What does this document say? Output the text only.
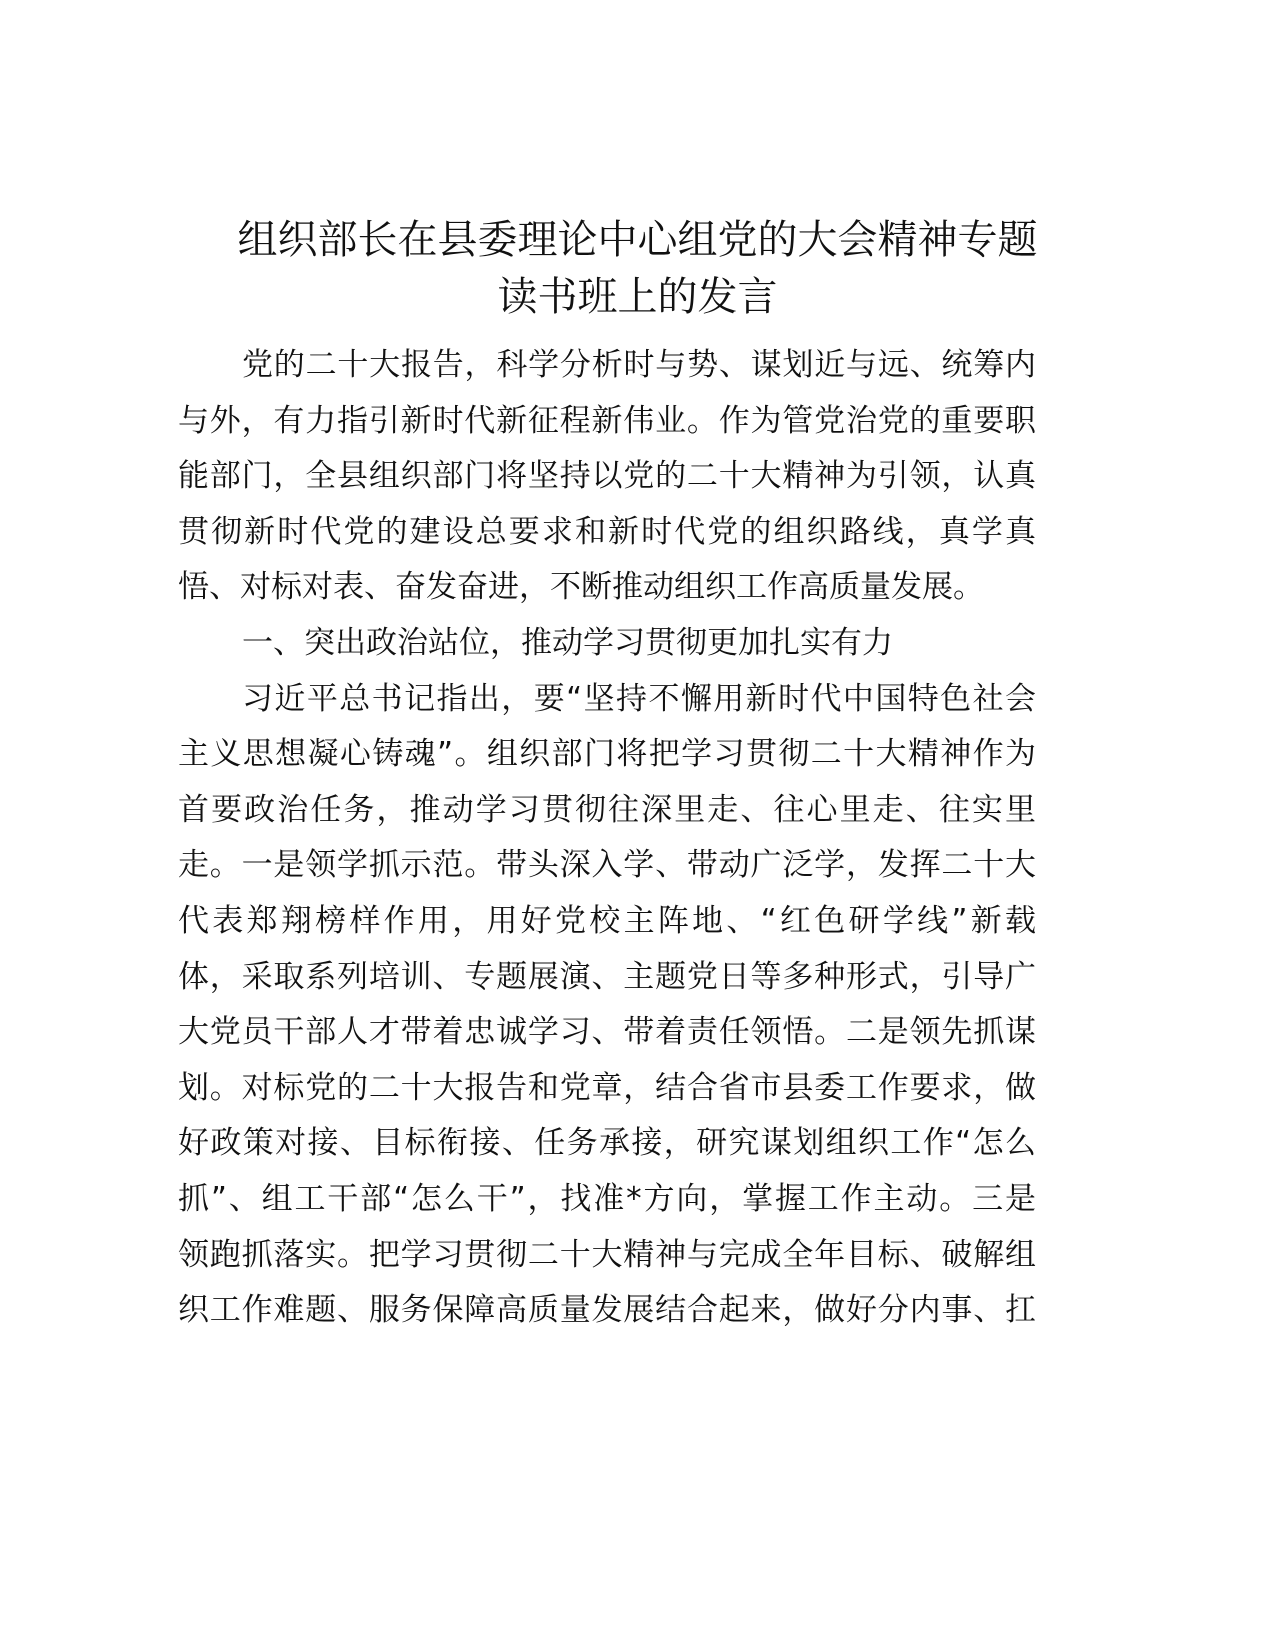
组织部长在县委理论中心组党的大会精神专题
读书班上的发言
党的二十大报告，科学分析时与势、谋划近与远、统筹内
与外，有力指引新时代新征程新伟业。作为管党治党的重要职
能部门，全县组织部门将坚持以党的二十大精神为引领，认真
贯彻新时代党的建设总要求和新时代党的组织路线，真学真
悟、对标对表、奋发奋进，不断推动组织工作高质量发展。
一、突出政治站位，推动学习贯彻更加扎实有力
习近平总书记指出，要“坚持不懈用新时代中国特色社会
主义思想凝心铸魂”。组织部门将把学习贯彻二十大精神作为
首要政治任务，推动学习贯彻往深里走、往心里走、往实里
走。一是领学抓示范。带头深入学、带动广泛学，发挥二十大
代表郑翔榜样作用，用好党校主阵地、“红色研学线”新载
体，采取系列培训、专题展演、主题党日等多种形式，引导广
大党员干部人才带着忠诚学习、带着责任领悟。二是领先抓谋
划。对标党的二十大报告和党章，结合省市县委工作要求，做
好政策对接、目标衔接、任务承接，研究谋划组织工作“怎么
抓”、组工干部“怎么干”，找准*方向，掌握工作主动。三是
领跑抓落实。把学习贯彻二十大精神与完成全年目标、破解组
织工作难题、服务保障高质量发展结合起来，做好分内事、扛
